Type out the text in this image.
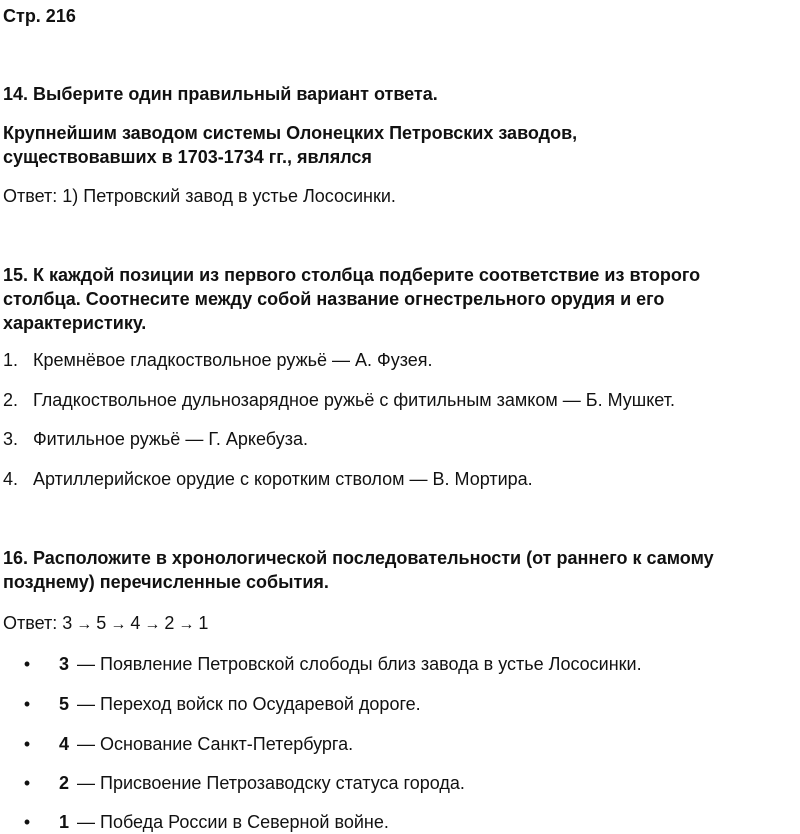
Стр. 216
14. Выберите один правильный вариант ответа.
Крупнейшим заводом системы Олонецких Петровских заводов,
существовавших в 1703-1734 гг., являлся
Ответ: 1) Петровский завод в устье Лососинки.
15. К каждой позиции из первого столбца подберите соответствие из второго
столбца. Соотнесите между собой название огнестрельного орудия и его
характеристику.
1. Кремнёвое гладкоствольное ружьё — А. Фузея.
2. Гладкоствольное дульнозарядное ружьё с фитильным замком — Б. Мушкет.
3. Фитильное ружьё — Г. Аркебуза.
4. Артиллерийское орудие с коротким стволом — В. Мортира.
16. Расположите в хронологической последовательности (от раннего к самому
позднему) перечисленные события.
Ответ: 3 → 5 → 4 → 2 → 1
• 3 — Появление Петровской слободы близ завода в устье Лососинки.
• 5 — Переход войск по Осударевой дороге.
• 4 — Основание Санкт-Петербурга.
• 2 — Присвоение Петрозаводску статуса города.
• 1 — Победа России в Северной войне.
